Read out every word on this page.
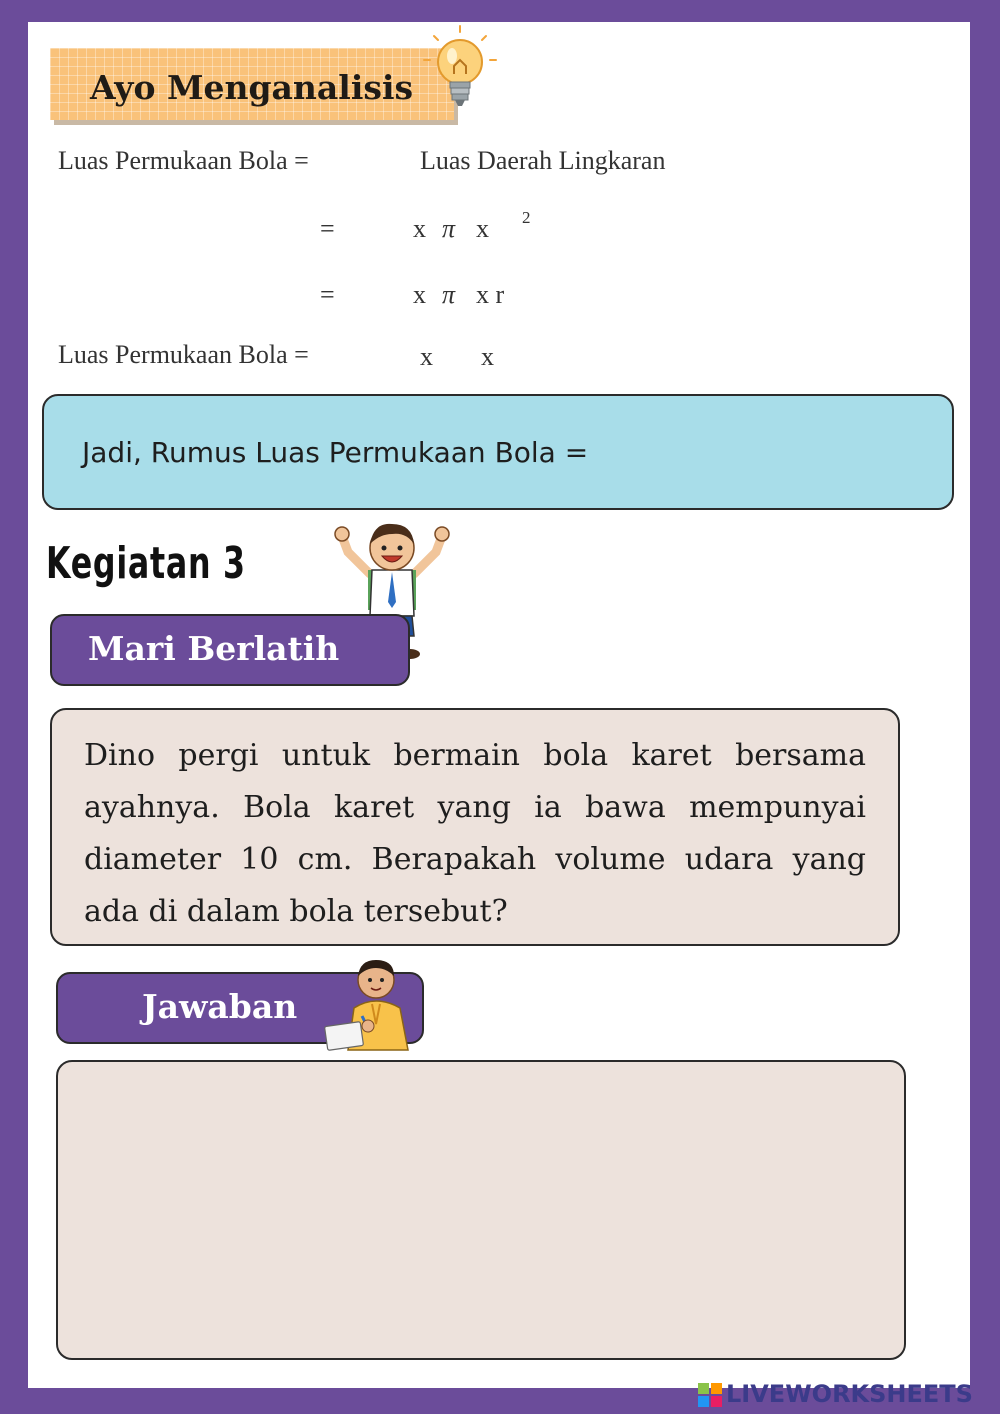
Ayo Menganalisis
Luas Permukaan Bola =	Luas Daerah Lingkaran
=	x π x 2
=	x π x r
Luas Permukaan Bola =	x x
Jadi, Rumus Luas Permukaan Bola =
Kegiatan 3
Mari Berlatih
Dino pergi untuk bermain bola karet bersama ayahnya. Bola karet yang ia bawa mempunyai diameter 10 cm. Berapakah volume udara yang ada di dalam bola tersebut?
Jawaban
LIVEWORKSHEETS
